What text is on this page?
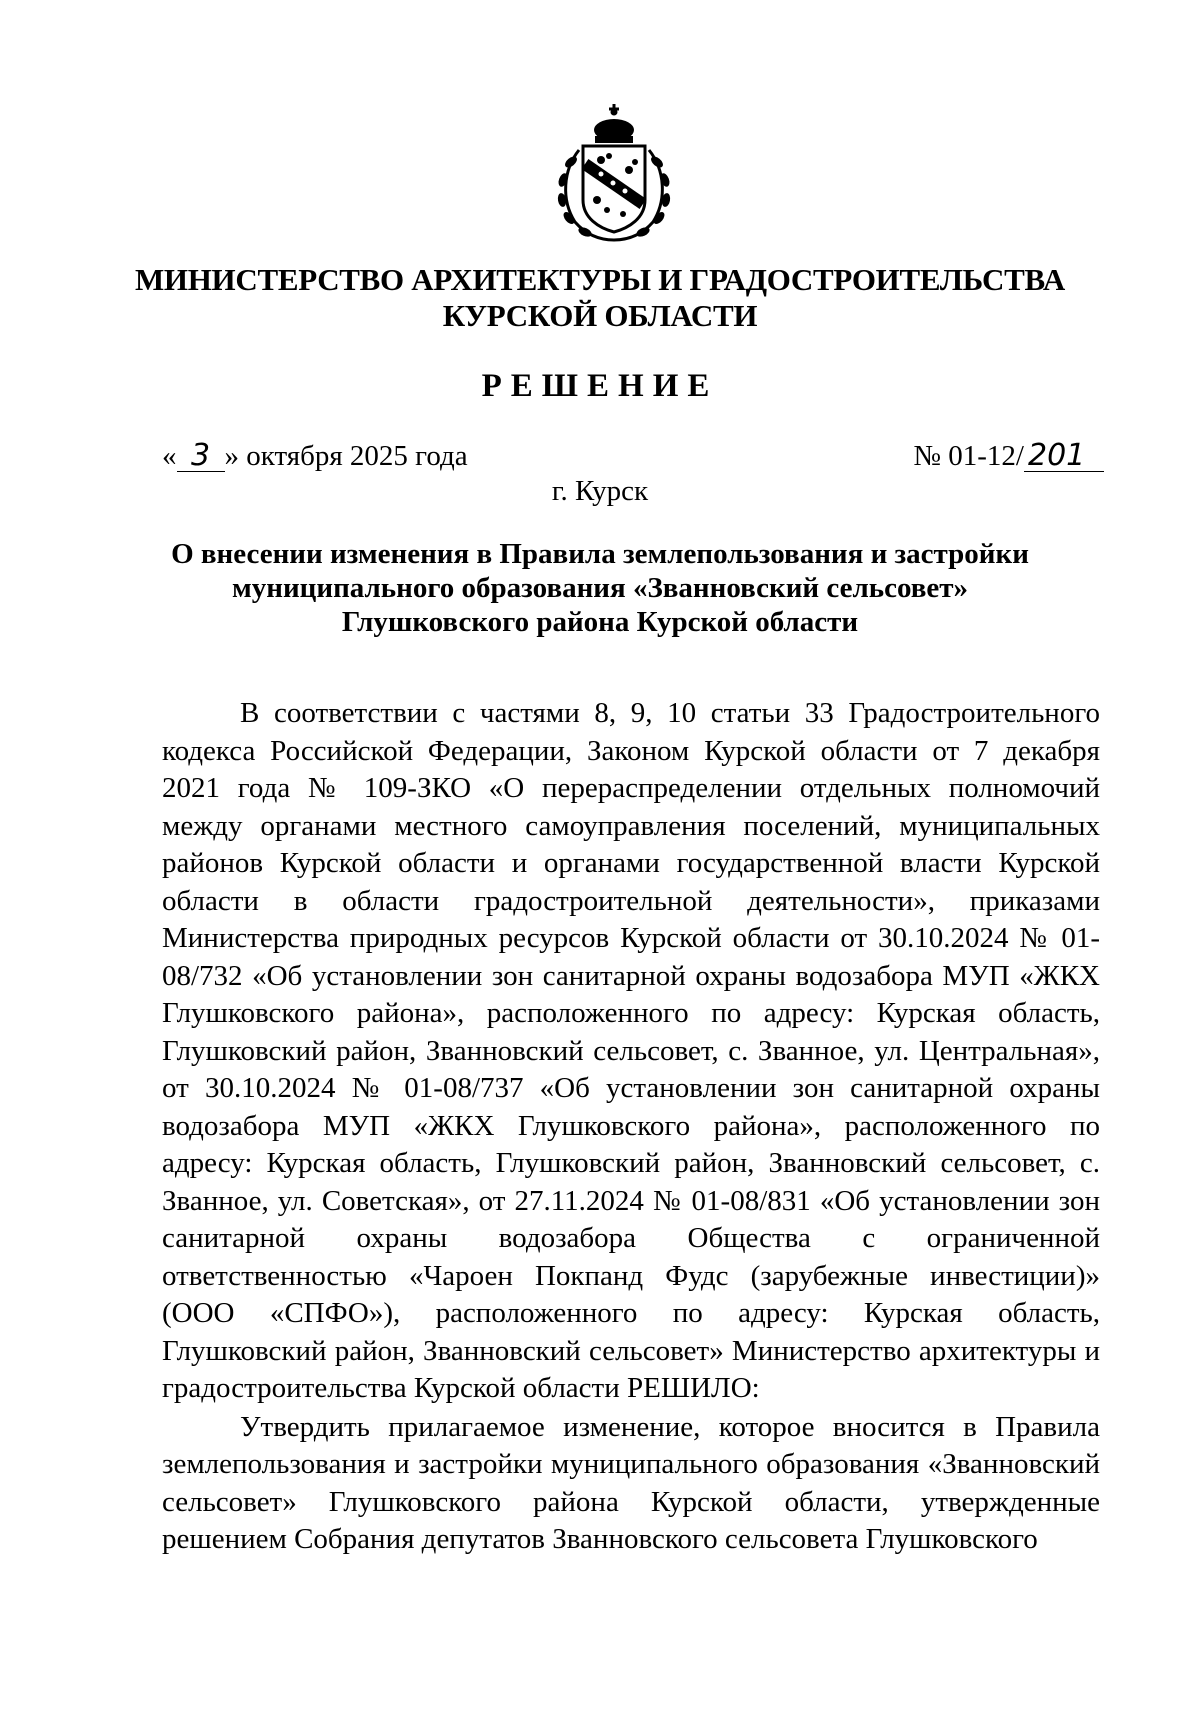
МИНИСТЕРСТВО АРХИТЕКТУРЫ И ГРАДОСТРОИТЕЛЬСТВА
КУРСКОЙ ОБЛАСТИ
РЕШЕНИЕ
« 3 » октября 2025 года	№ 01-12/ 201
г. Курск
О внесении изменения в Правила землепользования и застройки
муниципального образования «Званновский сельсовет»
Глушковского района Курской области

В соответствии с частями 8, 9, 10 статьи 33 Градостроительного кодекса Российской Федерации, Законом Курской области от 7 декабря 2021 года № 109-ЗКО «О перераспределении отдельных полномочий между органами местного самоуправления поселений, муниципальных районов Курской области и органами государственной власти Курской области в области градостроительной деятельности», приказами Министерства природных ресурсов Курской области от 30.10.2024 № 01-08/732 «Об установлении зон санитарной охраны водозабора МУП «ЖКХ Глушковского района», расположенного по адресу: Курская область, Глушковский район, Званновский сельсовет, с. Званное, ул. Центральная», от 30.10.2024 № 01-08/737 «Об установлении зон санитарной охраны водозабора МУП «ЖКХ Глушковского района», расположенного по адресу: Курская область, Глушковский район, Званновский сельсовет, с. Званное, ул. Советская», от 27.11.2024 № 01-08/831 «Об установлении зон санитарной охраны водозабора Общества с ограниченной ответственностью «Чароен Покпанд Фудс (зарубежные инвестиции)» (ООО «СПФО»), расположенного по адресу: Курская область, Глушковский район, Званновский сельсовет» Министерство архитектуры и градостроительства Курской области РЕШИЛО:

Утвердить прилагаемое изменение, которое вносится в Правила землепользования и застройки муниципального образования «Званновский сельсовет» Глушковского района Курской области, утвержденные решением Собрания депутатов Званновского сельсовета Глушковского
